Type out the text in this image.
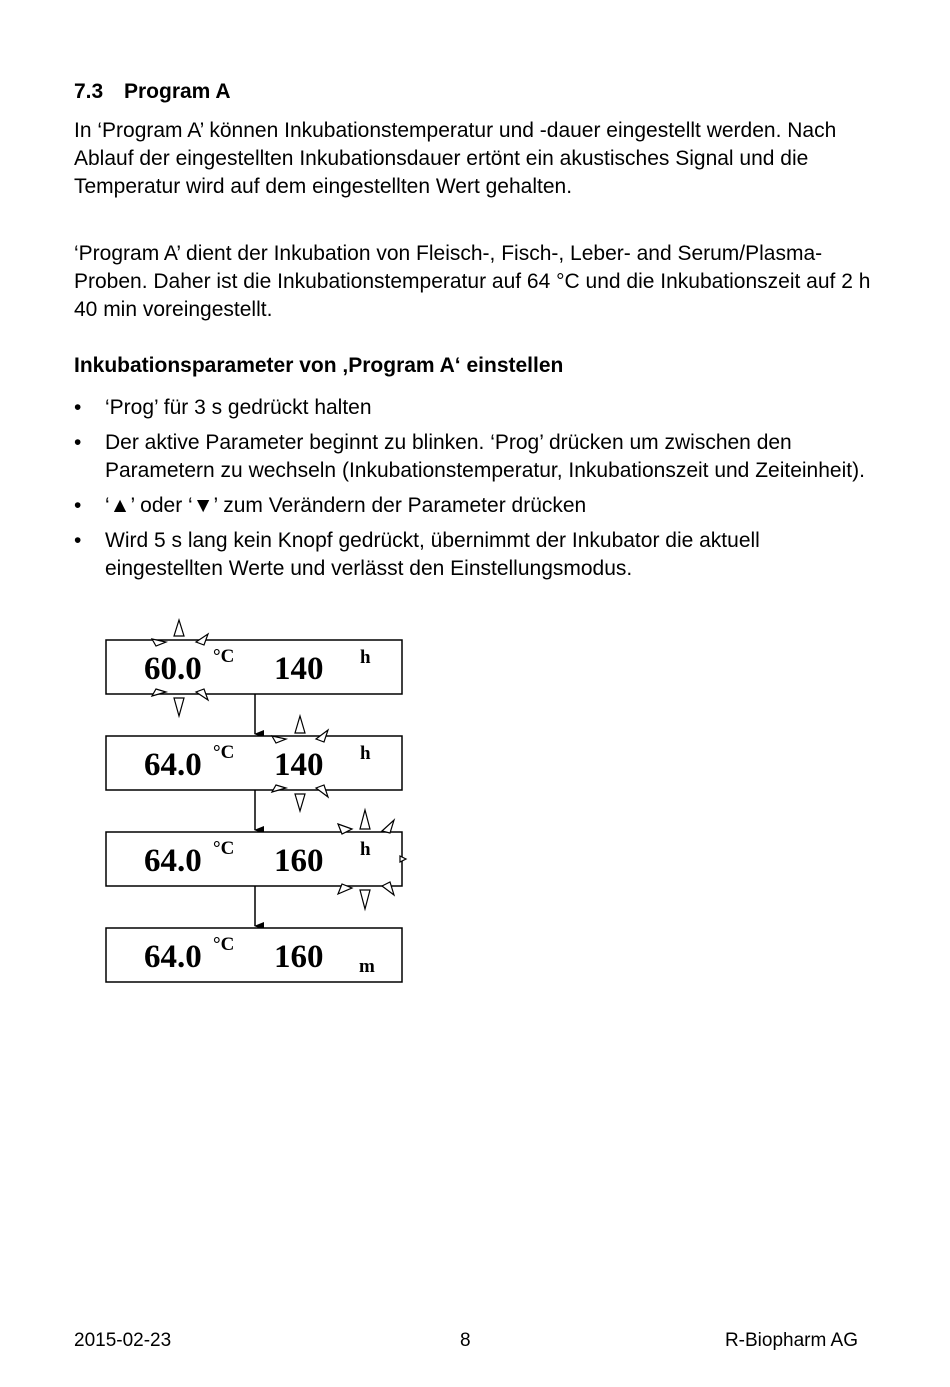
7.3 Program A

In ‘Program A’ können Inkubationstemperatur und -dauer eingestellt werden. Nach Ablauf der eingestellten Inkubationsdauer ertönt ein akustisches Signal und die Temperatur wird auf dem eingestellten Wert gehalten.

‘Program A’ dient der Inkubation von Fleisch-, Fisch-, Leber- and Serum/Plasma-Proben. Daher ist die Inkubationstemperatur auf 64 °C und die Inkubationszeit auf 2 h 40 min voreingestellt.

Inkubationsparameter von ‚Program A‘ einstellen

• ‘Prog’ für 3 s gedrückt halten
• Der aktive Parameter beginnt zu blinken. ‘Prog’ drücken um zwischen den Parametern zu wechseln (Inkubationstemperatur, Inkubationszeit und Zeiteinheit).
• ‘▲’ oder ‘▼’ zum Verändern der Parameter drücken
• Wird 5 s lang kein Knopf gedrückt, übernimmt der Inkubator die aktuell eingestellten Werte und verlässt den Einstellungsmodus.
60.0 °C 140 h
64.0 °C 140 h
64.0 °C 160 h
64.0 °C 160 m
2015-02-23	8	R-Biopharm AG
